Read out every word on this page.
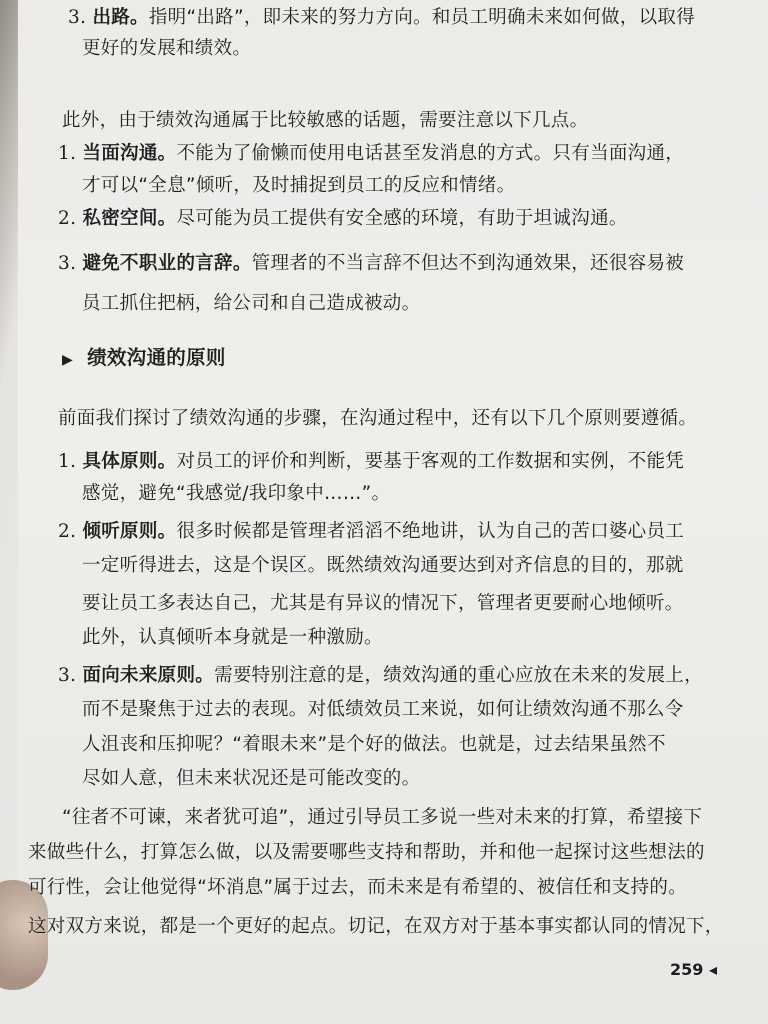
3. 出路。指明“出路”，即未来的努力方向。和员工明确未来如何做，以取得
更好的发展和绩效。
此外，由于绩效沟通属于比较敏感的话题，需要注意以下几点。
1. 当面沟通。不能为了偷懒而使用电话甚至发消息的方式。只有当面沟通，
才可以“全息”倾听，及时捕捉到员工的反应和情绪。
2. 私密空间。尽可能为员工提供有安全感的环境，有助于坦诚沟通。
3. 避免不职业的言辞。管理者的不当言辞不但达不到沟通效果，还很容易被
员工抓住把柄，给公司和自己造成被动。
▶ 绩效沟通的原则
前面我们探讨了绩效沟通的步骤，在沟通过程中，还有以下几个原则要遵循。
1. 具体原则。对员工的评价和判断，要基于客观的工作数据和实例，不能凭
感觉，避免“我感觉/我印象中……”。
2. 倾听原则。很多时候都是管理者滔滔不绝地讲，认为自己的苦口婆心员工
一定听得进去，这是个误区。既然绩效沟通要达到对齐信息的目的，那就
要让员工多表达自己，尤其是有异议的情况下，管理者更要耐心地倾听。
此外，认真倾听本身就是一种激励。
3. 面向未来原则。需要特别注意的是，绩效沟通的重心应放在未来的发展上，
而不是聚焦于过去的表现。对低绩效员工来说，如何让绩效沟通不那么令
人沮丧和压抑呢？“着眼未来”是个好的做法。也就是，过去结果虽然不
尽如人意，但未来状况还是可能改变的。
“往者不可谏，来者犹可追”，通过引导员工多说一些对未来的打算，希望接下
来做些什么，打算怎么做，以及需要哪些支持和帮助，并和他一起探讨这些想法的
可行性，会让他觉得“坏消息”属于过去，而未来是有希望的、被信任和支持的。
这对双方来说，都是一个更好的起点。切记，在双方对于基本事实都认同的情况下，
259 ◂
